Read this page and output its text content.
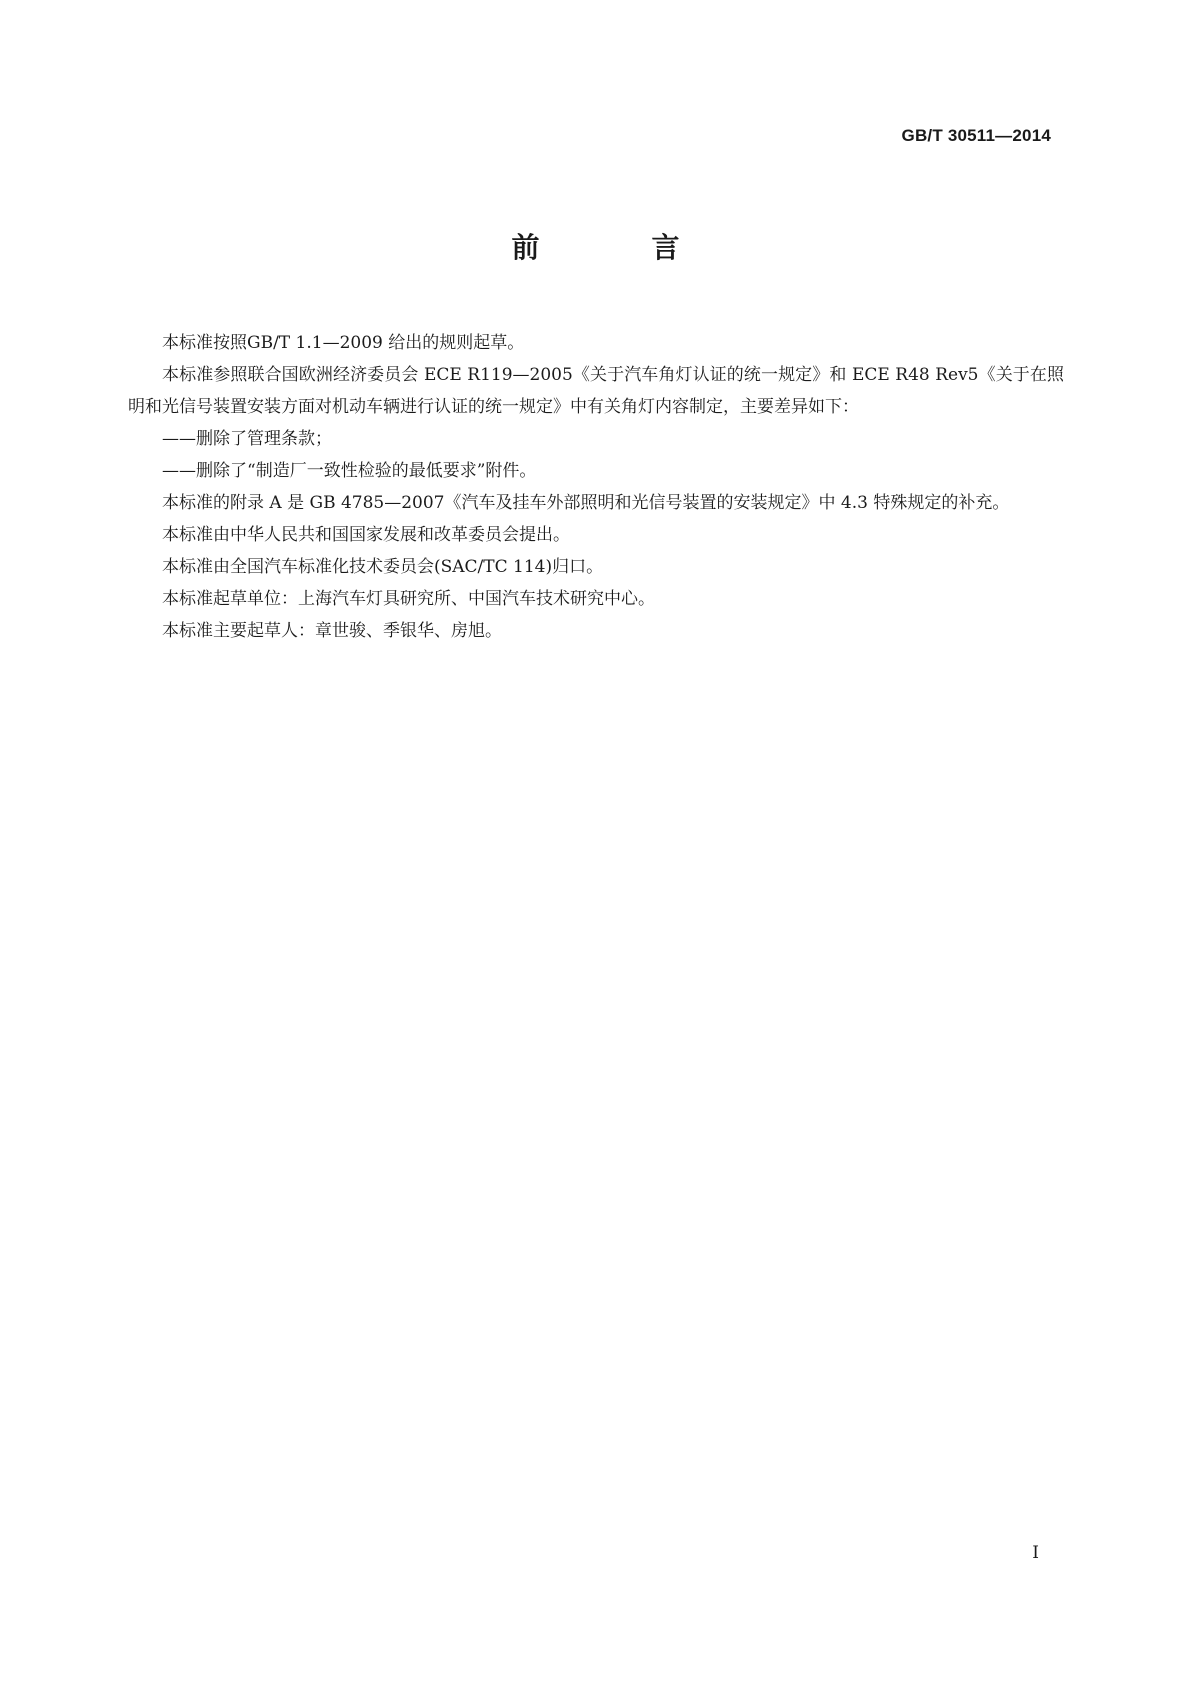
GB/T 30511—2014
前　言

本标准按照GB/T 1.1—2009 给出的规则起草。

本标准参照联合国欧洲经济委员会 ECE R119—2005《关于汽车角灯认证的统一规定》和 ECE R48 Rev5《关于在照明和光信号装置安装方面对机动车辆进行认证的统一规定》中有关角灯内容制定，主要差异如下：

——删除了管理条款；

——删除了“制造厂一致性检验的最低要求”附件。

本标准的附录 A 是 GB 4785—2007《汽车及挂车外部照明和光信号装置的安装规定》中 4.3 特殊规定的补充。

本标准由中华人民共和国国家发展和改革委员会提出。

本标准由全国汽车标准化技术委员会(SAC/TC 114)归口。

本标准起草单位：上海汽车灯具研究所、中国汽车技术研究中心。

本标准主要起草人：章世骏、季银华、房旭。

I
